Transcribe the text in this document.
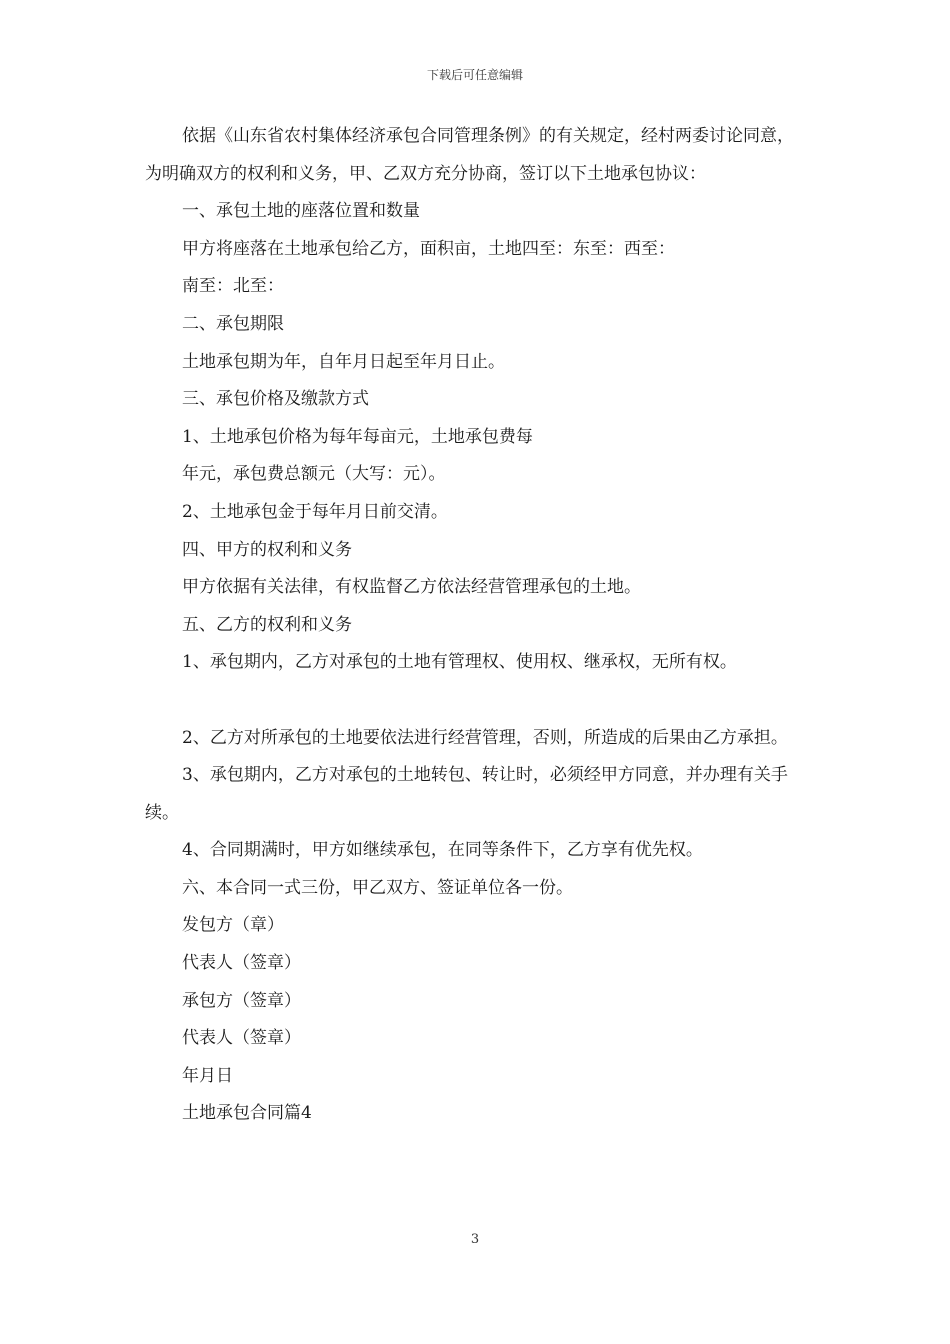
下载后可任意编辑

依据《山东省农村集体经济承包合同管理条例》的有关规定，经村两委讨论同意，为明确双方的权利和义务，甲、乙双方充分协商，签订以下土地承包协议：

一、承包土地的座落位置和数量

甲方将座落在土地承包给乙方，面积亩，土地四至：东至：西至：

南至：北至：

二、承包期限

土地承包期为年，自年月日起至年月日止。

三、承包价格及缴款方式

1、土地承包价格为每年每亩元，土地承包费每

年元，承包费总额元（大写：元）。

2、土地承包金于每年月日前交清。

四、甲方的权利和义务

甲方依据有关法律，有权监督乙方依法经营管理承包的土地。

五、乙方的权利和义务

1、承包期内，乙方对承包的土地有管理权、使用权、继承权，无所有权。

2、乙方对所承包的土地要依法进行经营管理，否则，所造成的后果由乙方承担。

3、承包期内，乙方对承包的土地转包、转让时，必须经甲方同意，并办理有关手续。

4、合同期满时，甲方如继续承包，在同等条件下，乙方享有优先权。

六、本合同一式三份，甲乙双方、签证单位各一份。

发包方（章）

代表人（签章）

承包方（签章）

代表人（签章）

年月日

土地承包合同篇4

3
